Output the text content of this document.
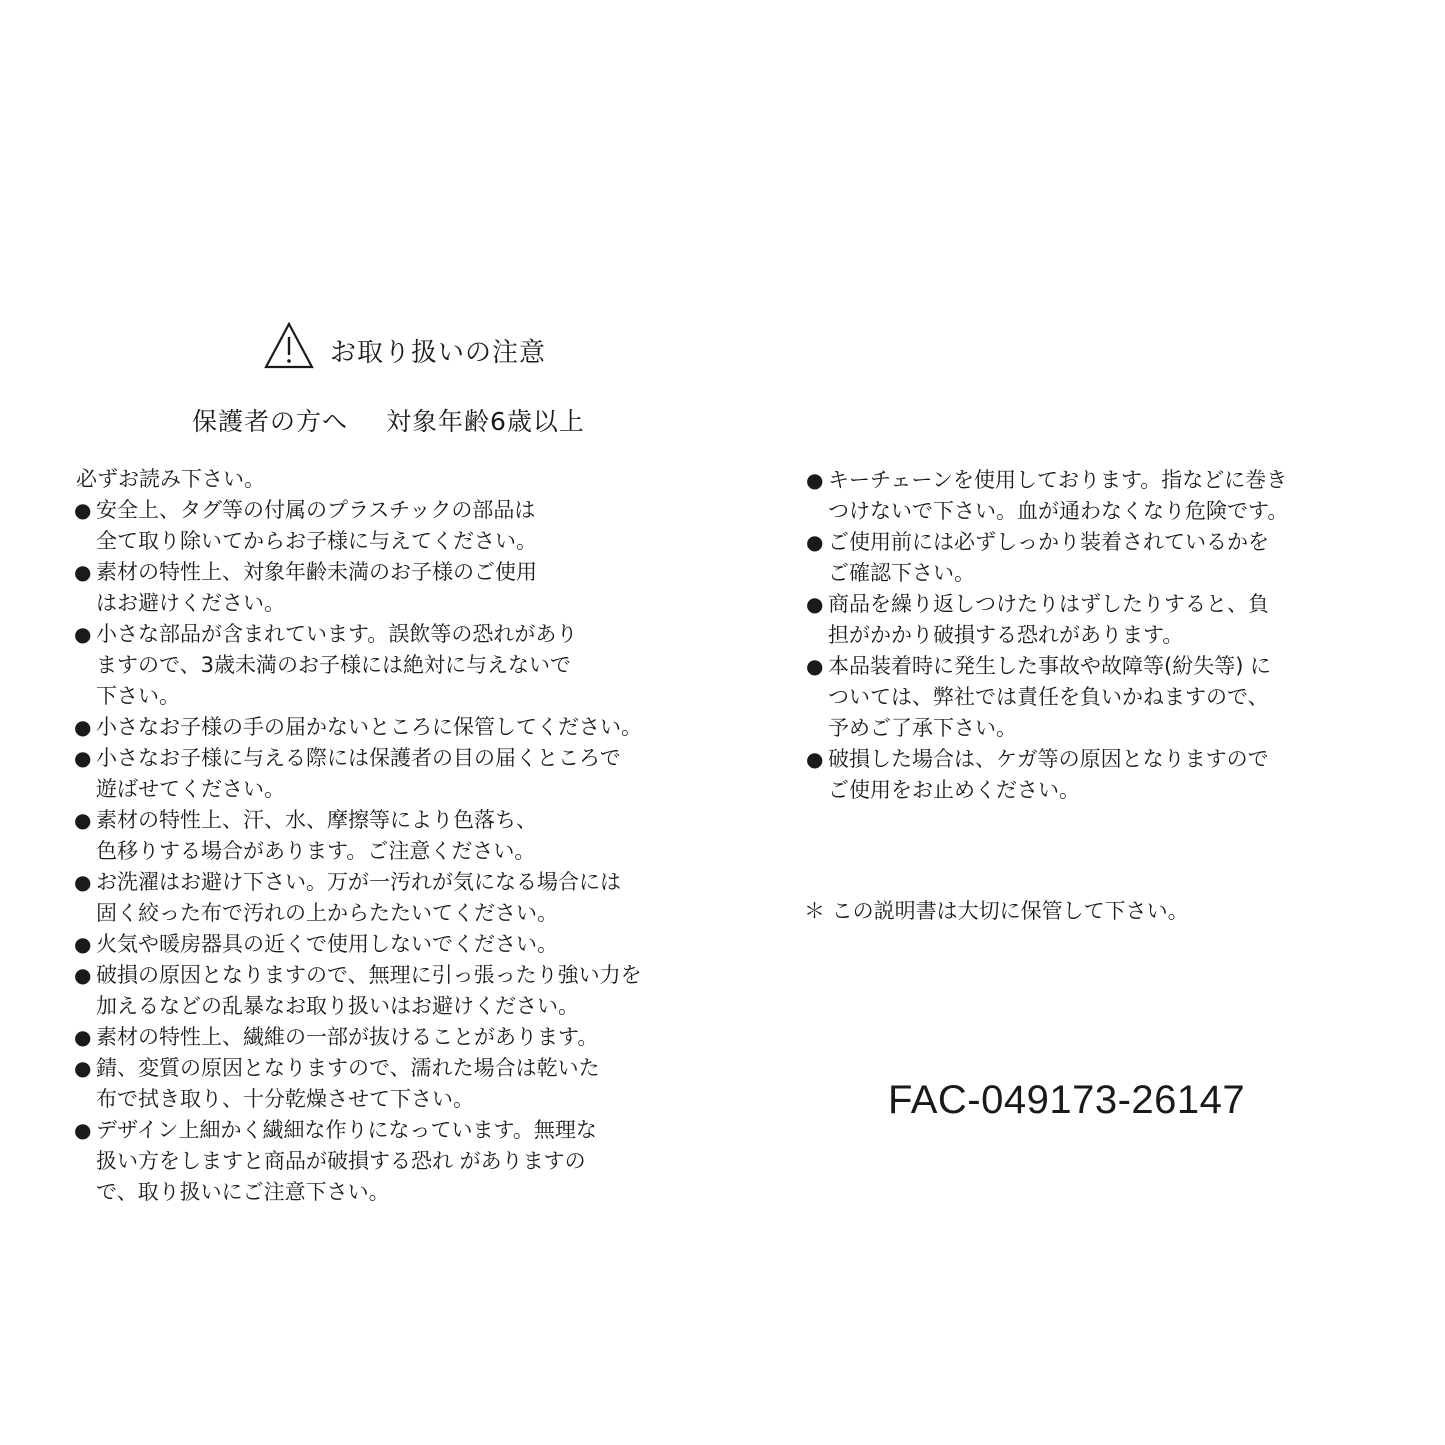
お取り扱いの注意
保護者の方へ 対象年齢6歳以上
必ずお読み下さい。
● 安全上、タグ等の付属のプラスチックの部品は
全て取り除いてからお子様に与えてください。
● 素材の特性上、対象年齢未満のお子様のご使用
はお避けください。
● 小さな部品が含まれています。誤飲等の恐れがあり
ますので、3歳未満のお子様には絶対に与えないで
下さい。
● 小さなお子様の手の届かないところに保管してください。
● 小さなお子様に与える際には保護者の目の届くところで
遊ばせてください。
● 素材の特性上、汗、水、摩擦等により色落ち、
色移りする場合があります。ご注意ください。
● お洗濯はお避け下さい。万が一汚れが気になる場合には
固く絞った布で汚れの上からたたいてください。
● 火気や暖房器具の近くで使用しないでください。
● 破損の原因となりますので、無理に引っ張ったり強い力を
加えるなどの乱暴なお取り扱いはお避けください。
● 素材の特性上、繊維の一部が抜けることがあります。
● 錆、変質の原因となりますので、濡れた場合は乾いた
布で拭き取り、十分乾燥させて下さい。
● デザイン上細かく繊細な作りになっています。無理な
扱い方をしますと商品が破損する恐れ がありますの
で、取り扱いにご注意下さい。
● キーチェーンを使用しております。指などに巻き
つけないで下さい。血が通わなくなり危険です。
● ご使用前には必ずしっかり装着されているかを
ご確認下さい。
● 商品を繰り返しつけたりはずしたりすると、負
担がかかり破損する恐れがあります。
● 本品装着時に発生した事故や故障等(紛失等) に
ついては、弊社では責任を負いかねますので、
予めご了承下さい。
● 破損した場合は、ケガ等の原因となりますので
ご使用をお止めください。
＊ この説明書は大切に保管して下さい。
FAC-049173-26147
